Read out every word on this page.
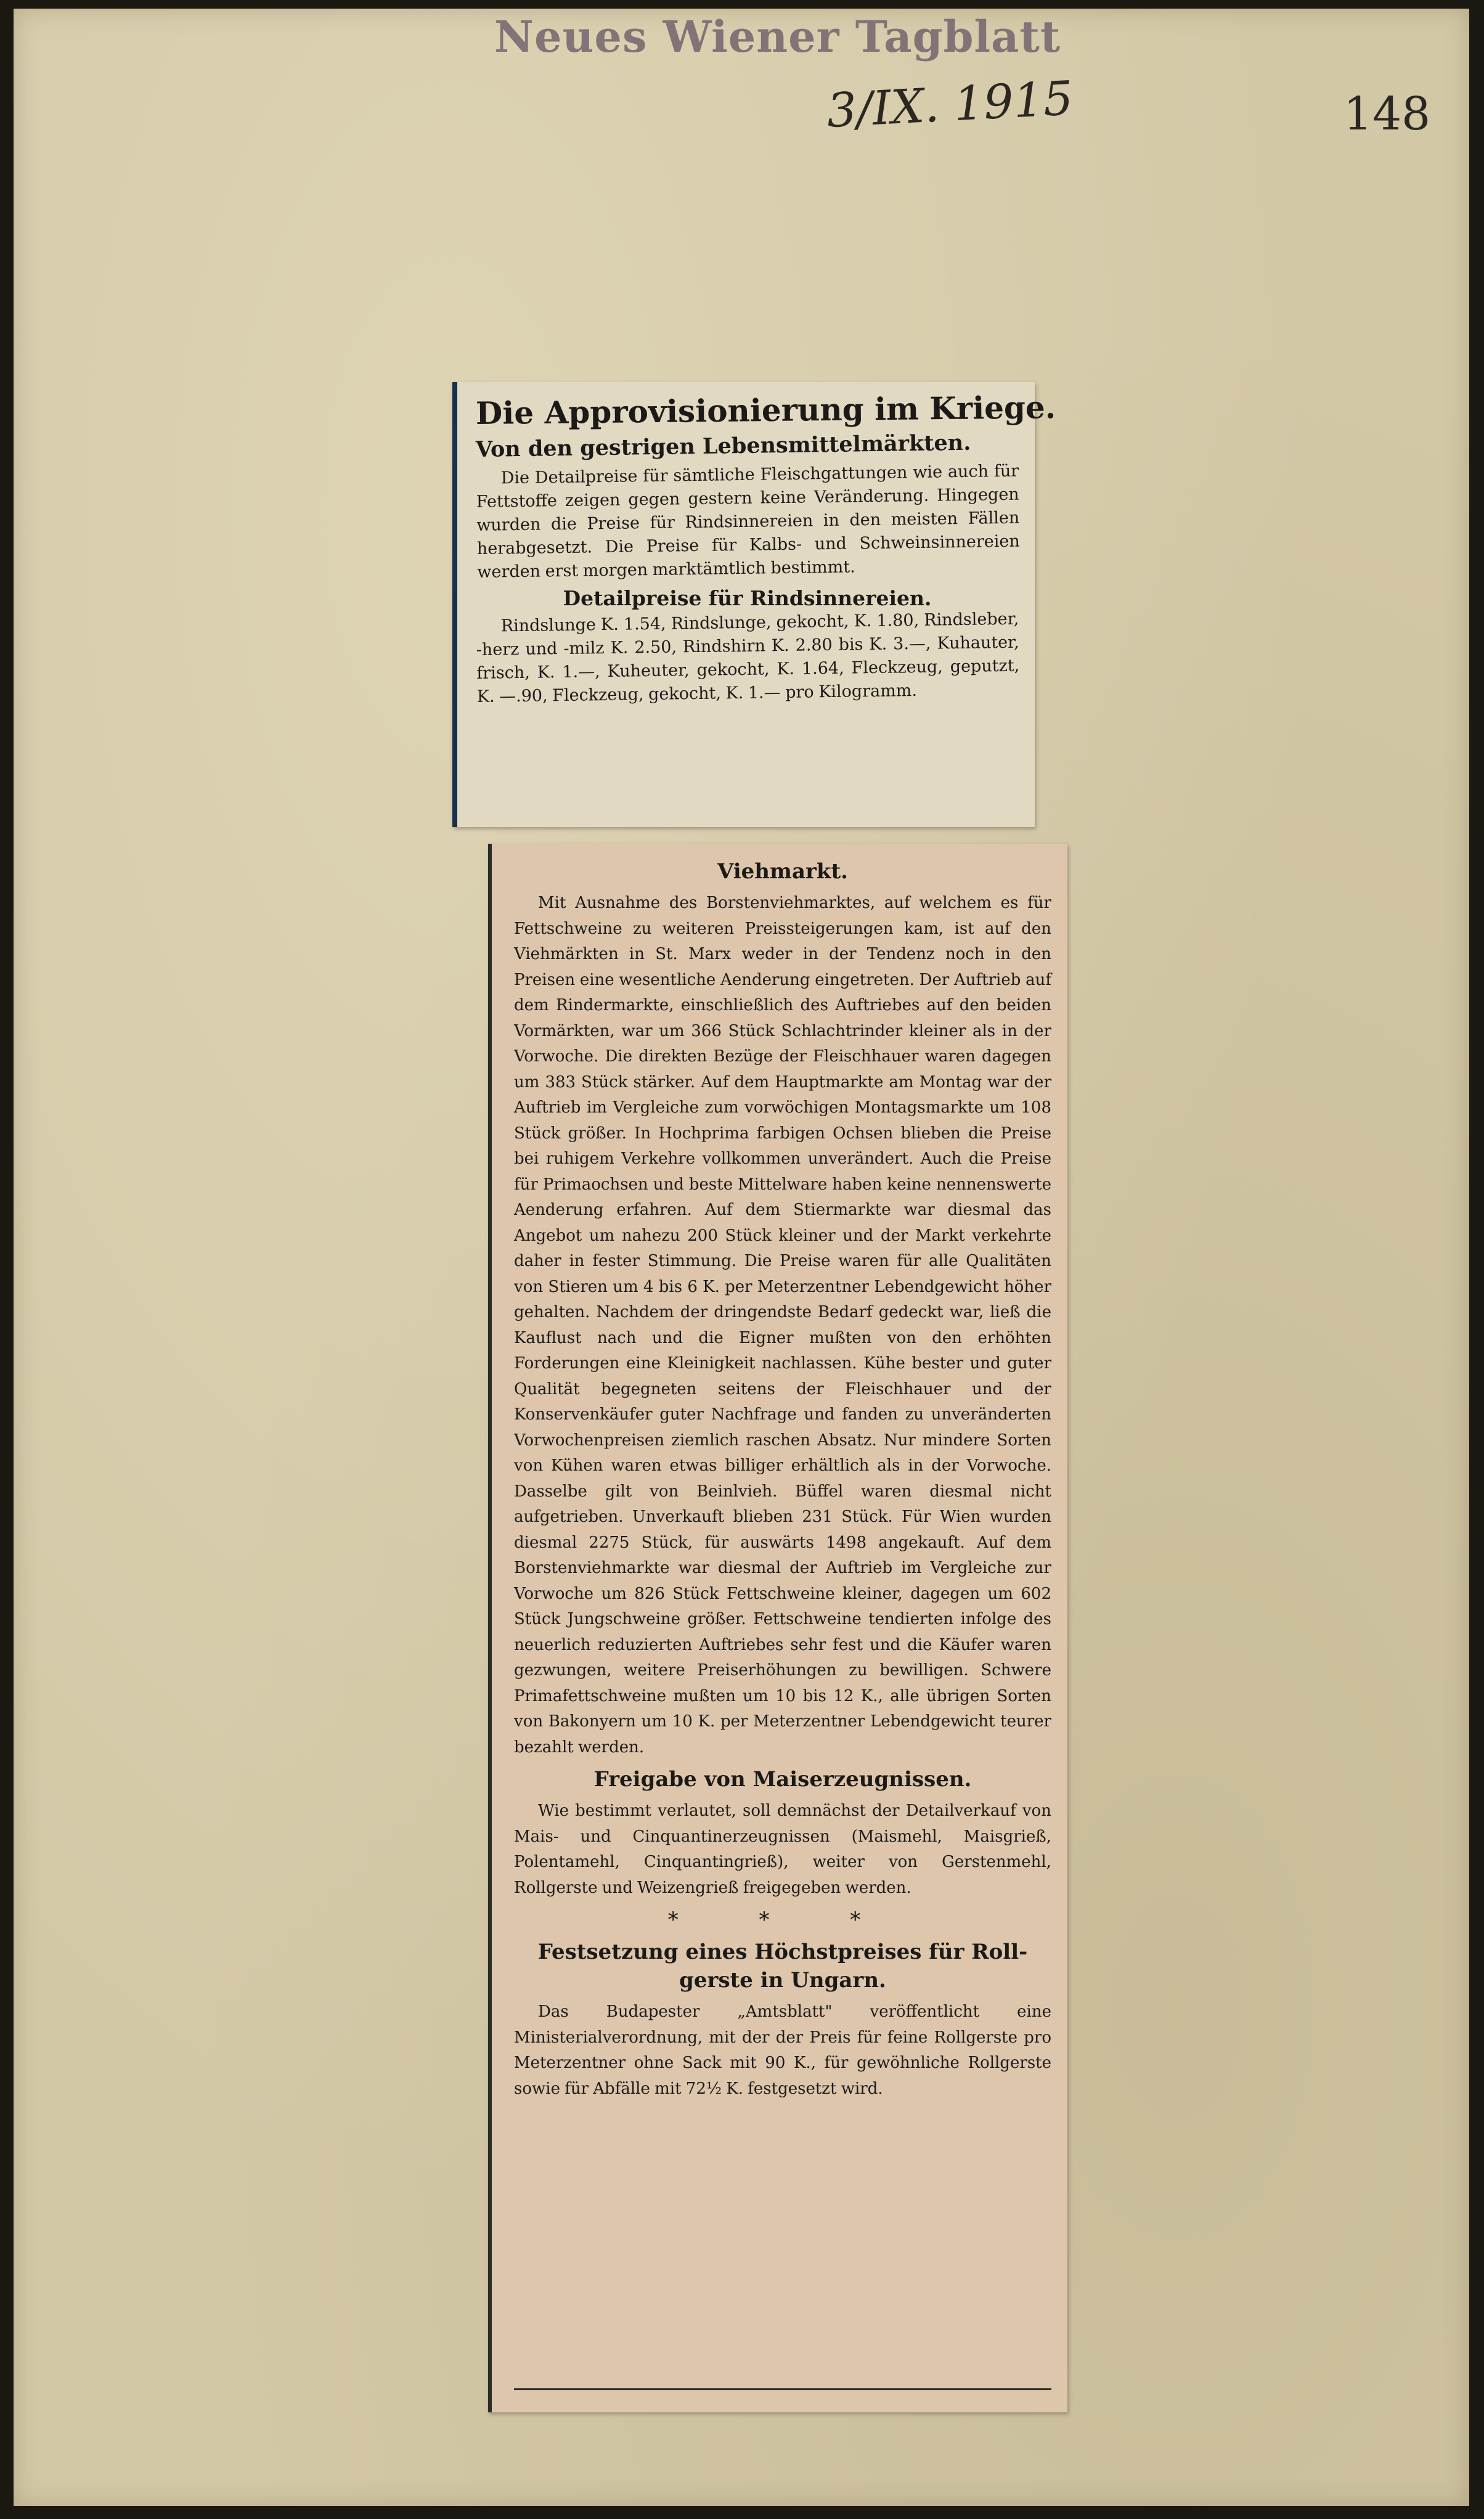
Neues Wiener Tagblatt
3/IX. 1915	148
Die Approvisionierung im Kriege.
Von den gestrigen Lebensmittelmärkten.

Die Detailpreise für sämtliche Fleischgattungen wie auch für Fettstoffe zeigen gegen gestern keine Veränderung. Hingegen wurden die Preise für Rindsinnereien in den meisten Fällen herabgesetzt. Die Preise für Kalbs- und Schweinsinnereien werden erst morgen marktämtlich bestimmt.

Detailpreise für Rindsinnereien.

Rindslunge K. 1.54, Rindslunge, gekocht, K. 1.80, Rindsleber, -herz und -milz K. 2.50, Rindshirn K. 2.80 bis K. 3.—, Kuhauter, frisch, K. 1.—, Kuheuter, gekocht, K. 1.64, Fleckzeug, geputzt, K. —.90, Fleckzeug, gekocht, K. 1.— pro Kilogramm.

Viehmarkt.

Mit Ausnahme des Borstenviehmarktes, auf welchem es für Fettschweine zu weiteren Preissteigerungen kam, ist auf den Viehmärkten in St. Marx weder in der Tendenz noch in den Preisen eine wesentliche Aenderung eingetreten. Der Auftrieb auf dem Rindermarkte, einschließlich des Auftriebes auf den beiden Vormärkten, war um 366 Stück Schlachtrinder kleiner als in der Vorwoche. Die direkten Bezüge der Fleischhauer waren dagegen um 383 Stück stärker. Auf dem Hauptmarkte am Montag war der Auftrieb im Vergleiche zum vorwöchigen Montagsmarkte um 108 Stück größer. In Hochprima farbigen Ochsen blieben die Preise bei ruhigem Verkehre vollkommen unverändert. Auch die Preise für Primaochsen und beste Mittelware haben keine nennenswerte Aenderung erfahren. Auf dem Stiermarkte war diesmal das Angebot um nahezu 200 Stück kleiner und der Markt verkehrte daher in fester Stimmung. Die Preise waren für alle Qualitäten von Stieren um 4 bis 6 K. per Meterzentner Lebendgewicht höher gehalten. Nachdem der dringendste Bedarf gedeckt war, ließ die Kauflust nach und die Eigner mußten von den erhöhten Forderungen eine Kleinigkeit nachlassen. Kühe bester und guter Qualität begegneten seitens der Fleischhauer und der Konservenkäufer guter Nachfrage und fanden zu unveränderten Vorwochenpreisen ziemlich raschen Absatz. Nur mindere Sorten von Kühen waren etwas billiger erhältlich als in der Vorwoche. Dasselbe gilt von Beinlvieh. Büffel waren diesmal nicht aufgetrieben. Unverkauft blieben 231 Stück. Für Wien wurden diesmal 2275 Stück, für auswärts 1498 angekauft. Auf dem Borstenviehmarkte war diesmal der Auftrieb im Vergleiche zur Vorwoche um 826 Stück Fettschweine kleiner, dagegen um 602 Stück Jungschweine größer. Fettschweine tendierten infolge des neuerlich reduzierten Auftriebes sehr fest und die Käufer waren gezwungen, weitere Preiserhöhungen zu bewilligen. Schwere Primafettschweine mußten um 10 bis 12 K., alle übrigen Sorten von Bakonyern um 10 K. per Meterzentner Lebendgewicht teurer bezahlt werden.

Freigabe von Maiserzeugnissen.

Wie bestimmt verlautet, soll demnächst der Detailverkauf von Mais- und Cinquantinerzeugnissen (Maismehl, Maisgrieß, Polentamehl, Cinquantingrieß), weiter von Gerstenmehl, Rollgerste und Weizengrieß freigegeben werden.

* * *
Festsetzung eines Höchstpreises für Roll-
gerste in Ungarn.

Das Budapester „Amtsblatt" veröffentlicht eine Ministerialverordnung, mit der der Preis für feine Rollgerste pro Meterzentner ohne Sack mit 90 K., für gewöhnliche Rollgerste sowie für Abfälle mit 72½ K. festgesetzt wird.
